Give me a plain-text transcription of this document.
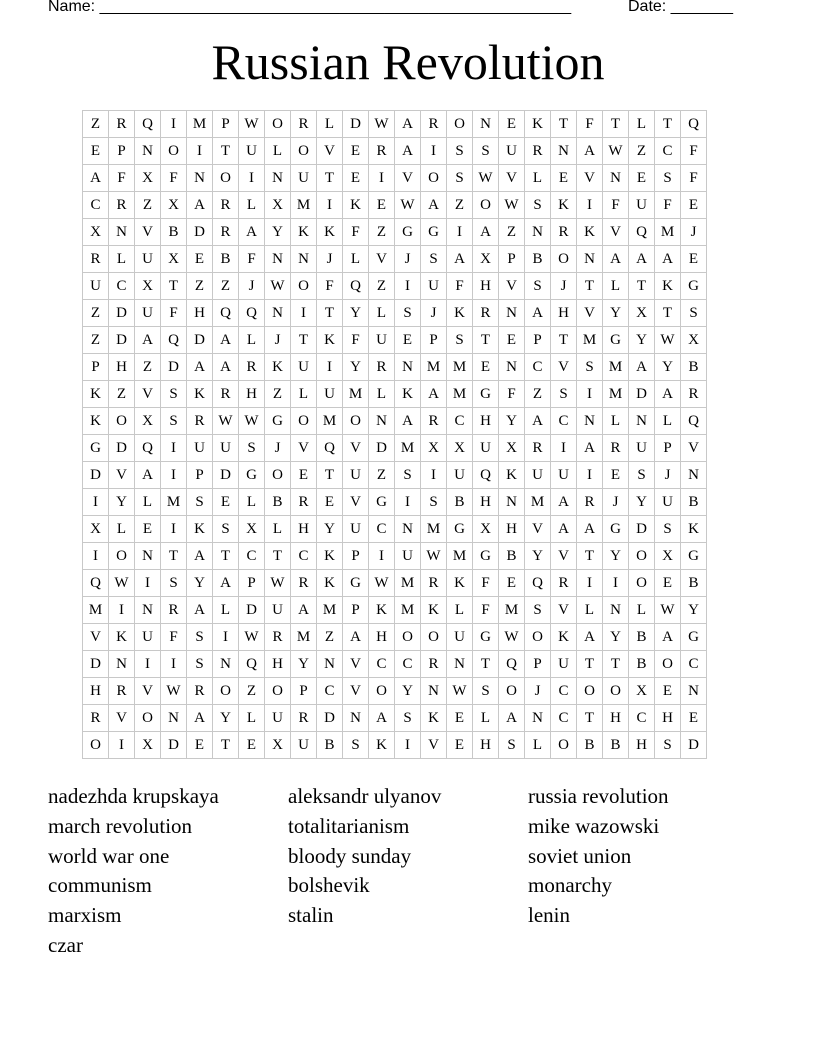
Name: _____________________________________________________	Date: _______
Russian Revolution
Z	R	Q	I	M	P	W	O	R	L	D	W	A	R	O	N	E	K	T	F	T	L	T	Q
E	P	N	O	I	T	U	L	O	V	E	R	A	I	S	S	U	R	N	A	W	Z	C	F
A	F	X	F	N	O	I	N	U	T	E	I	V	O	S	W	V	L	E	V	N	E	S	F
C	R	Z	X	A	R	L	X	M	I	K	E	W	A	Z	O	W	S	K	I	F	U	F	E
X	N	V	B	D	R	A	Y	K	K	F	Z	G	G	I	A	Z	N	R	K	V	Q	M	J
R	L	U	X	E	B	F	N	N	J	L	V	J	S	A	X	P	B	O	N	A	A	A	E
U	C	X	T	Z	Z	J	W	O	F	Q	Z	I	U	F	H	V	S	J	T	L	T	K	G
Z	D	U	F	H	Q	Q	N	I	T	Y	L	S	J	K	R	N	A	H	V	Y	X	T	S
Z	D	A	Q	D	A	L	J	T	K	F	U	E	P	S	T	E	P	T	M	G	Y	W	X
P	H	Z	D	A	A	R	K	U	I	Y	R	N	M	M	E	N	C	V	S	M	A	Y	B
K	Z	V	S	K	R	H	Z	L	U	M	L	K	A	M	G	F	Z	S	I	M	D	A	R
K	O	X	S	R	W	W	G	O	M	O	N	A	R	C	H	Y	A	C	N	L	N	L	Q
G	D	Q	I	U	U	S	J	V	Q	V	D	M	X	X	U	X	R	I	A	R	U	P	V
D	V	A	I	P	D	G	O	E	T	U	Z	S	I	U	Q	K	U	U	I	E	S	J	N
I	Y	L	M	S	E	L	B	R	E	V	G	I	S	B	H	N	M	A	R	J	Y	U	B
X	L	E	I	K	S	X	L	H	Y	U	C	N	M	G	X	H	V	A	A	G	D	S	K
I	O	N	T	A	T	C	T	C	K	P	I	U	W	M	G	B	Y	V	T	Y	O	X	G
Q	W	I	S	Y	A	P	W	R	K	G	W	M	R	K	F	E	Q	R	I	I	O	E	B
M	I	N	R	A	L	D	U	A	M	P	K	M	K	L	F	M	S	V	L	N	L	W	Y
V	K	U	F	S	I	W	R	M	Z	A	H	O	O	U	G	W	O	K	A	Y	B	A	G
D	N	I	I	S	N	Q	H	Y	N	V	C	C	R	N	T	Q	P	U	T	T	B	O	C
H	R	V	W	R	O	Z	O	P	C	V	O	Y	N	W	S	O	J	C	O	O	X	E	N
R	V	O	N	A	Y	L	U	R	D	N	A	S	K	E	L	A	N	C	T	H	C	H	E
O	I	X	D	E	T	E	X	U	B	S	K	I	V	E	H	S	L	O	B	B	H	S	D
nadezhda krupskaya
march revolution
world war one
communism
marxism
czar
aleksandr ulyanov
totalitarianism
bloody sunday
bolshevik
stalin
russia revolution
mike wazowski
soviet union
monarchy
lenin
